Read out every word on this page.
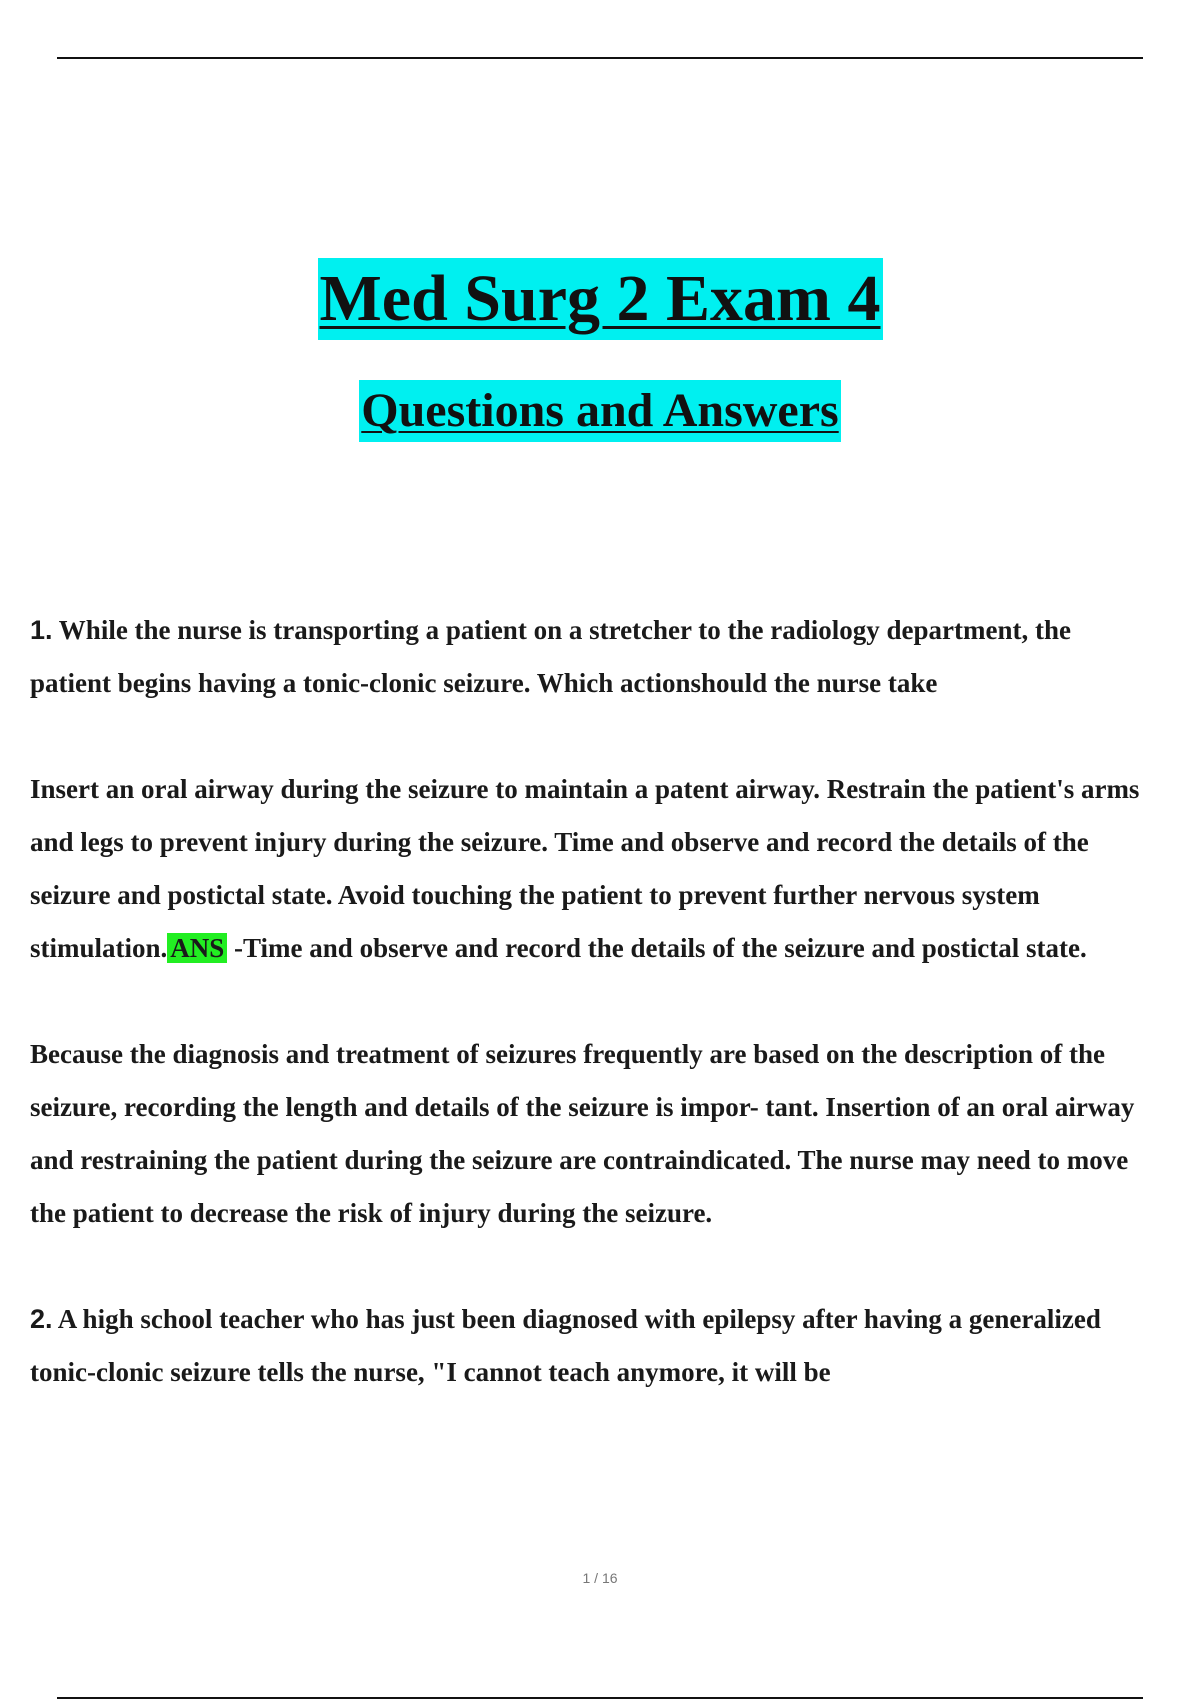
Med Surg 2 Exam 4
Questions and Answers

1. While the nurse is transporting a patient on a stretcher to the radiology department, the patient begins having a tonic-clonic seizure. Which actionshould the nurse take

Insert an oral airway during the seizure to maintain a patent airway. Restrain the patient's arms and legs to prevent injury during the seizure. Time and observe and record the details of the seizure and postictal state. Avoid touching the patient to prevent further nervous system stimulation. ANS -Time and observe and record the details of the seizure and postictal state.

Because the diagnosis and treatment of seizures frequently are based on the description of the seizure, recording the length and details of the seizure is impor- tant. Insertion of an oral airway and restraining the patient during the seizure are contraindicated. The nurse may need to move the patient to decrease the risk of injury during the seizure.

2. A high school teacher who has just been diagnosed with epilepsy after having a generalized tonic-clonic seizure tells the nurse, "I cannot teach anymore, it will be

1 / 16
